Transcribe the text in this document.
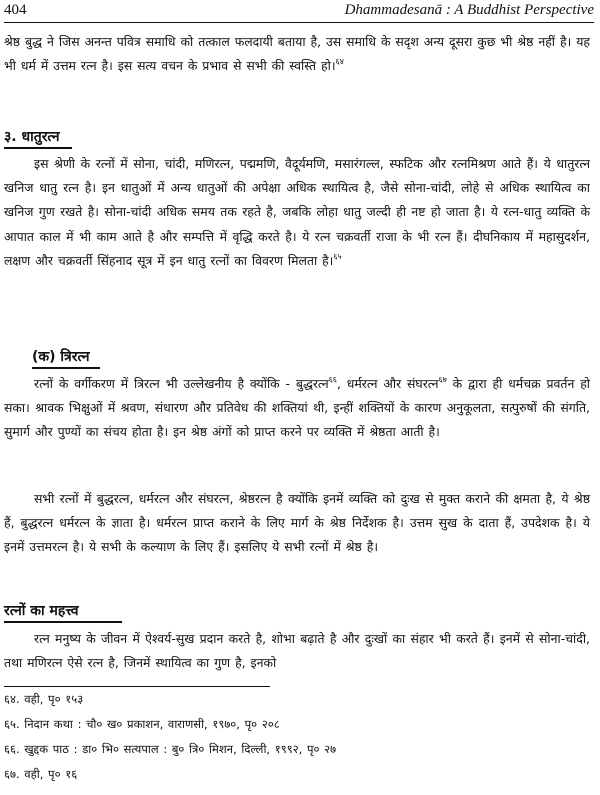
404	Dhammadesanā : A Buddhist Perspective
श्रेष्ठ बुद्ध ने जिस अनन्त पवित्र समाधि को तत्काल फलदायी बताया है, उस समाधि के सदृश अन्य दूसरा कुछ भी श्रेष्ठ नहीं है। यह भी धर्म में उत्तम रत्न है। इस सत्य वचन के प्रभाव से सभी की स्वस्ति हो।$^{६४}$
३. धातुरत्न
इस श्रेणी के रत्नों में सोना, चांदी, मणिरत्न, पद्ममणि, वैदूर्यमणि, मसारंगल्ल, स्फटिक और रत्नमिश्रण आते हैं। ये धातुरत्न खनिज धातु रत्न है। इन धातुओं में अन्य धातुओं की अपेक्षा अधिक स्थायित्व है, जैसे सोना-चांदी, लोहे से अधिक स्थायित्व का खनिज गुण रखते है। सोना-चांदी अधिक समय तक रहते है, जबकि लोहा धातु जल्दी ही नष्ट हो जाता है। ये रत्न-धातु व्यक्ति के आपात काल में भी काम आते है और सम्पत्ति में वृद्धि करते है। ये रत्न चक्रवर्ती राजा के भी रत्न हैं। दीघनिकाय में महासुदर्शन, लक्षण और चक्रवर्ती सिंहनाद सूत्र में इन धातु रत्नों का विवरण मिलता है।$^{६५}$
(क) त्रिरत्न
रत्नों के वर्गीकरण में त्रिरत्न भी उल्लेखनीय है क्योंकि - बुद्धरत्न$^{६६}$, धर्मरत्न और संघरत्न$^{६७}$ के द्वारा ही धर्मचक्र प्रवर्तन हो सका। श्रावक भिक्षुओं में श्रवण, संधारण और प्रतिवेध की शक्तियां थी, इन्हीं शक्तियों के कारण अनुकूलता, सत्पुरुषों की संगति, सुमार्ग और पुण्यों का संचय होता है। इन श्रेष्ठ अंगों को प्राप्त करने पर व्यक्ति में श्रेष्ठता आती है।
सभी रत्नों में बुद्धरत्न, धर्मरत्न और संघरत्न, श्रेष्ठरत्न है क्योंकि इनमें व्यक्ति को दुःख से मुक्त कराने की क्षमता है, ये श्रेष्ठ हैं, बुद्धरत्न धर्मरत्न के ज्ञाता है। धर्मरत्न प्राप्त कराने के लिए मार्ग के श्रेष्ठ निर्देशक है। उत्तम सुख के दाता हैं, उपदेशक है। ये इनमें उत्तमरत्न है। ये सभी के कल्याण के लिए हैं। इसलिए ये सभी रत्नों में श्रेष्ठ है।
रत्नों का महत्त्व
रत्न मनुष्य के जीवन में ऐश्वर्य-सुख प्रदान करते है, शोभा बढ़ाते है और दुःखों का संहार भी करते हैं। इनमें से सोना-चांदी, तथा मणिरत्न ऐसे रत्न है, जिनमें स्थायित्व का गुण है, इनको
६४. वही, पृ० १५३
६५. निदान कथा : चौ० ख० प्रकाशन, वाराणसी, १९७०, पृ० २०८
६६. खुद्दक पाठ : डा० भि० सत्यपाल : बु० त्रि० मिशन, दिल्ली, १९९२, पृ० २७
६७. वही, पृ० १६
